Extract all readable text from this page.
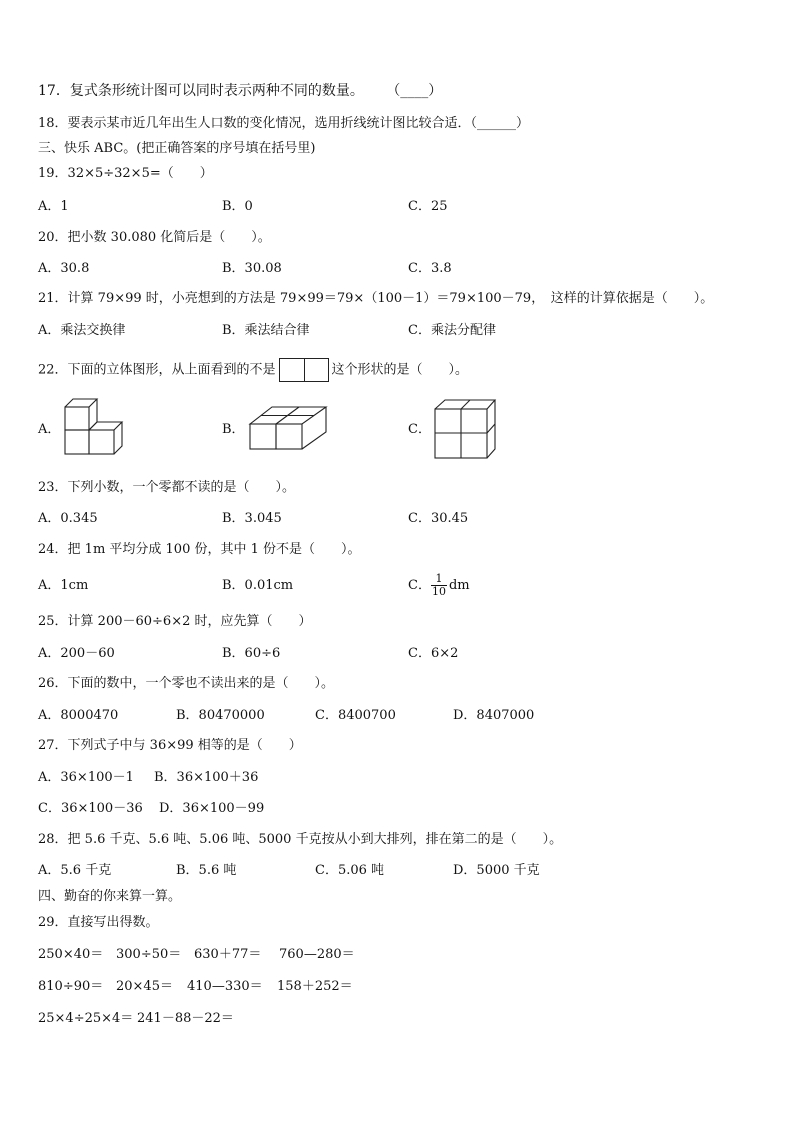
17．复式条形统计图可以同时表示两种不同的数量。 （____）
18．要表示某市近几年出生人口数的变化情况，选用折线统计图比较合适．（______）
三、快乐 ABC。(把正确答案的序号填在括号里)
19．32×5÷32×5=（　　）
A．1	B．0	C．25
20．把小数 30.080 化简后是（　　）。
A．30.8	B．30.08	C．3.8
21．计算 79×99 时，小亮想到的方法是 79×99＝79×（100－1）＝79×100－79，　这样的计算依据是（　　）。
A．乘法交换律	B．乘法结合律	C．乘法分配律
22．下面的立体图形，从上面看到的不是	这个形状的是（　　）。
A．	B．	C．
23．下列小数，一个零都不读的是（　　）。
A．0.345	B．3.045	C．30.45
24．把 1m 平均分成 100 份，其中 1 份不是（　　）。
A．1cm	B．0.01cm	C． $\frac{1}{10}$ dm
25．计算 200－60÷6×2 时，应先算（　　）
A．200－60	B．60÷6	C．6×2
26．下面的数中，一个零也不读出来的是（　　）。
A．8000470	B．80470000	C．8400700	D．8407000
27．下列式子中与 36×99 相等的是（　　）
A．36×100－1 B．36×100＋36
C．36×100－36 D．36×100－99
28．把 5.6 千克、5.6 吨、5.06 吨、5000 千克按从小到大排列，排在第二的是（　　）。
A．5.6 千克	B．5.6 吨	C．5.06 吨	D．5000 千克
四、勤奋的你来算一算。
29．直接写出得数。
250×40＝ 300÷50＝ 630＋77＝ 760—280＝
810÷90＝ 20×45＝ 410—330＝ 158＋252＝
25×4÷25×4＝ 241－88－22＝
